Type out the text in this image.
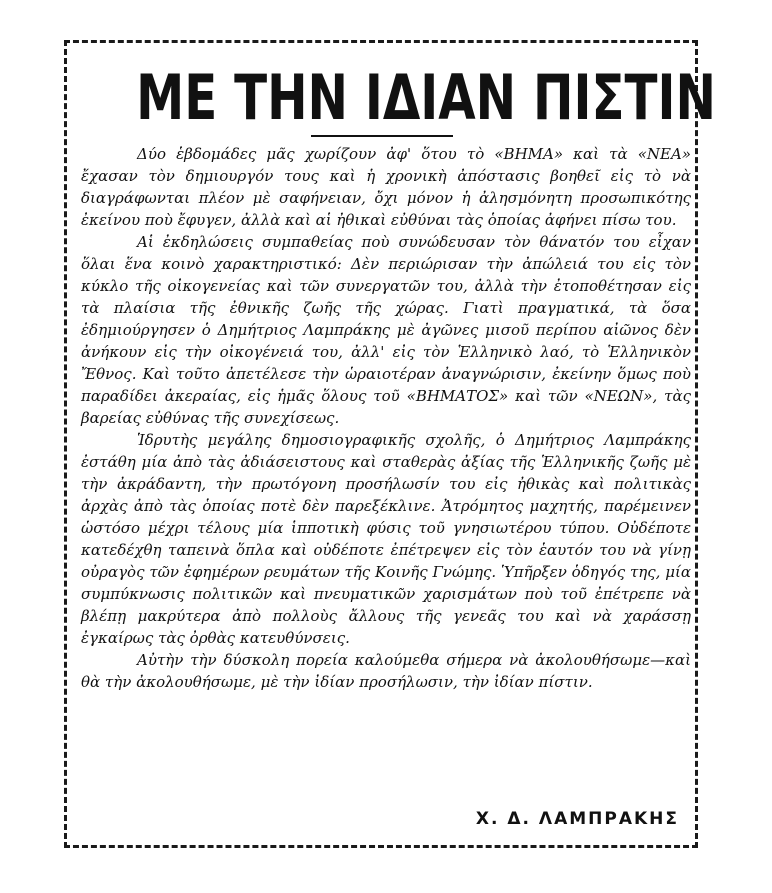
ΜΕ ΤΗΝ ΙΔΙΑΝ ΠΙΣΤΙΝ

Δύο ἑβδομάδες μᾶς χωρίζουν ἀφ' ὅτου τὸ «ΒΗΜΑ» καὶ τὰ «ΝΕΑ» ἔχασαν τὸν δημιουργόν τους καὶ ἡ χρονικὴ ἀπόστασις βοηθεῖ εἰς τὸ νὰ διαγράφωνται πλέον μὲ σαφήνειαν, ὄχι μόνον ἡ ἀλησμόνητη προσωπικότης ἐκείνου ποὺ ἔφυγεν, ἀλλὰ καὶ αἱ ἠθικαὶ εὐθύναι τὰς ὁποίας ἀφήνει πίσω του.

Αἱ ἐκδηλώσεις συμπαθείας ποὺ συνώδευσαν τὸν θάνατόν του εἶχαν ὅλαι ἕνα κοινὸ χαρακτηριστικό: Δὲν περιώρισαν τὴν ἀπώλειά του εἰς τὸν κύκλο τῆς οἰκογενείας καὶ τῶν συνεργατῶν του, ἀλλὰ τὴν ἐτοποθέτησαν εἰς τὰ πλαίσια τῆς ἐθνικῆς ζωῆς τῆς χώρας. Γιατὶ πραγματικά, τὰ ὅσα ἐδημιούργησεν ὁ Δημήτριος Λαμπράκης μὲ ἀγῶνες μισοῦ περίπου αἰῶνος δὲν ἀνήκουν εἰς τὴν οἰκογένειά του, ἀλλ' εἰς τὸν Ἑλληνικὸ λαό, τὸ Ἑλληνικὸν Ἔθνος. Καὶ τοῦτο ἀπετέλεσε τὴν ὡραιοτέραν ἀναγνώρισιν, ἐκείνην ὅμως ποὺ παραδίδει ἀκεραίας, εἰς ἡμᾶς ὅλους τοῦ «ΒΗΜΑΤΟΣ» καὶ τῶν «ΝΕΩΝ», τὰς βαρείας εὐθύνας τῆς συνεχίσεως.

Ἱδρυτὴς μεγάλης δημοσιογραφικῆς σχολῆς, ὁ Δημήτριος Λαμπράκης ἐστάθη μία ἀπὸ τὰς ἀδιάσειστους καὶ σταθερὰς ἀξίας τῆς Ἑλληνικῆς ζωῆς μὲ τὴν ἀκράδαντη, τὴν πρωτόγονη προσήλωσίν του εἰς ἠθικὰς καὶ πολιτικὰς ἀρχὰς ἀπὸ τὰς ὁποίας ποτὲ δὲν παρεξέκλινε. Ἀτρόμητος μαχητής, παρέμεινεν ὡστόσο μέχρι τέλους μία ἱπποτικὴ φύσις τοῦ γνησιωτέρου τύπου. Οὐδέποτε κατεδέχθη ταπεινὰ ὅπλα καὶ οὐδέποτε ἐπέτρεψεν εἰς τὸν ἑαυτόν του νὰ γίνῃ οὐραγὸς τῶν ἐφημέρων ρευμάτων τῆς Κοινῆς Γνώμης. Ὑπῆρξεν ὁδηγός της, μία συμπύκνωσις πολιτικῶν καὶ πνευματικῶν χαρισμάτων ποὺ τοῦ ἐπέτρεπε νὰ βλέπῃ μακρύτερα ἀπὸ πολλοὺς ἄλλους τῆς γενεᾶς του καὶ νὰ χαράσσῃ ἐγκαίρως τὰς ὀρθὰς κατευθύνσεις.

Αὐτὴν τὴν δύσκολη πορεία καλούμεθα σήμερα νὰ ἀκολουθήσωμε—καὶ θὰ τὴν ἀκολουθήσωμε, μὲ τὴν ἰδίαν προσήλωσιν, τὴν ἰδίαν πίστιν.

Χ. Δ. ΛΑΜΠΡΑΚΗΣ
